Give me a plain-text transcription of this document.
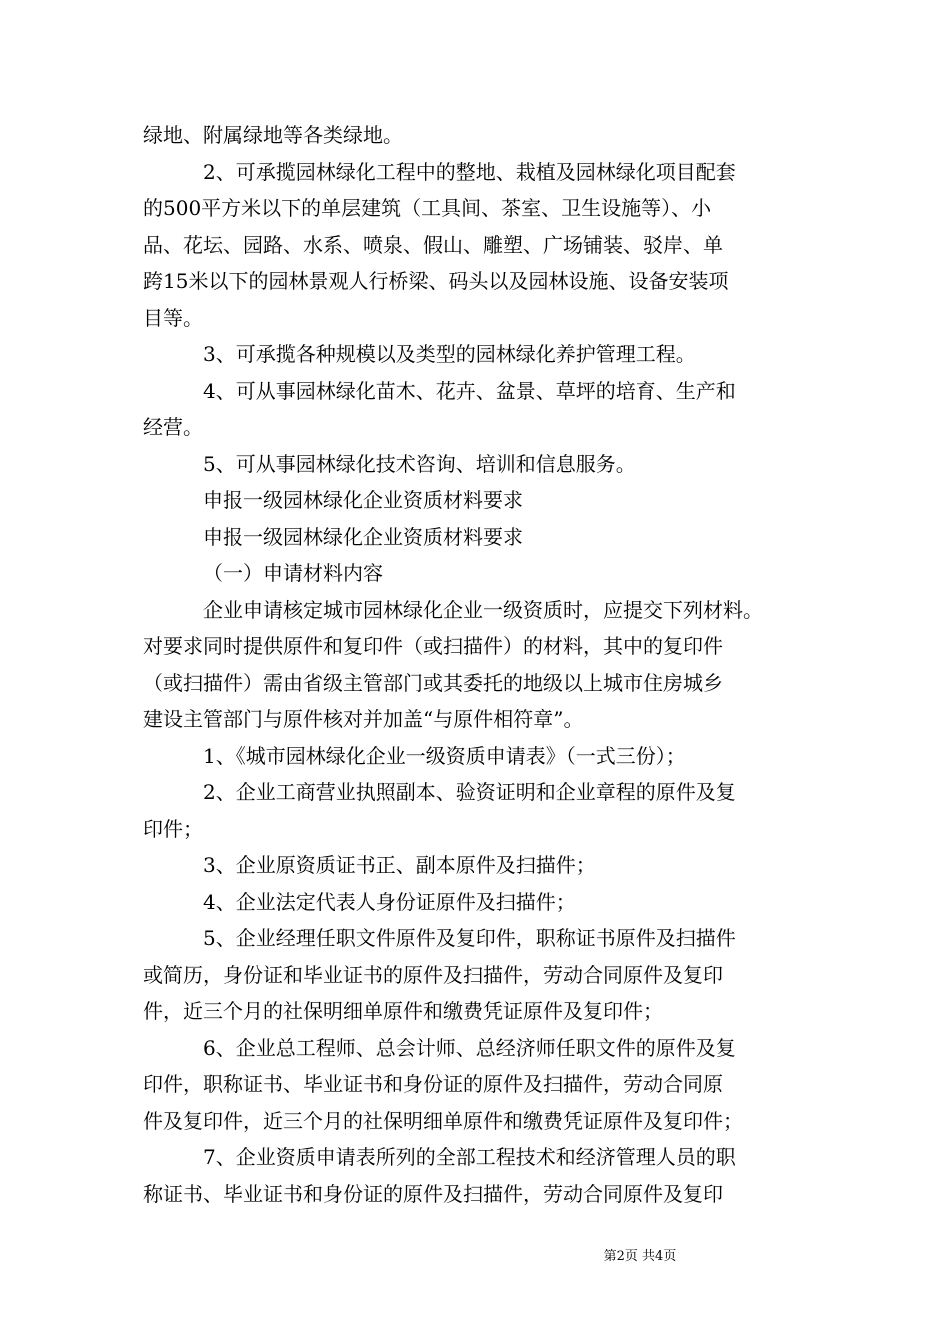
绿地、附属绿地等各类绿地。
2、可承揽园林绿化工程中的整地、栽植及园林绿化项目配套
的500平方米以下的单层建筑（工具间、茶室、卫生设施等）、小
品、花坛、园路、水系、喷泉、假山、雕塑、广场铺装、驳岸、单
跨15米以下的园林景观人行桥梁、码头以及园林设施、设备安装项
目等。
3、可承揽各种规模以及类型的园林绿化养护管理工程。
4、可从事园林绿化苗木、花卉、盆景、草坪的培育、生产和
经营。
5、可从事园林绿化技术咨询、培训和信息服务。
申报一级园林绿化企业资质材料要求
申报一级园林绿化企业资质材料要求
（一）申请材料内容
企业申请核定城市园林绿化企业一级资质时，应提交下列材料。
对要求同时提供原件和复印件（或扫描件）的材料，其中的复印件
（或扫描件）需由省级主管部门或其委托的地级以上城市住房城乡
建设主管部门与原件核对并加盖“与原件相符章”。
1、《城市园林绿化企业一级资质申请表》（一式三份）；
2、企业工商营业执照副本、验资证明和企业章程的原件及复
印件；
3、企业原资质证书正、副本原件及扫描件；
4、企业法定代表人身份证原件及扫描件；
5、企业经理任职文件原件及复印件，职称证书原件及扫描件
或简历，身份证和毕业证书的原件及扫描件，劳动合同原件及复印
件，近三个月的社保明细单原件和缴费凭证原件及复印件；
6、企业总工程师、总会计师、总经济师任职文件的原件及复
印件，职称证书、毕业证书和身份证的原件及扫描件，劳动合同原
件及复印件，近三个月的社保明细单原件和缴费凭证原件及复印件；
7、企业资质申请表所列的全部工程技术和经济管理人员的职
称证书、毕业证书和身份证的原件及扫描件，劳动合同原件及复印
第2页 共4页
